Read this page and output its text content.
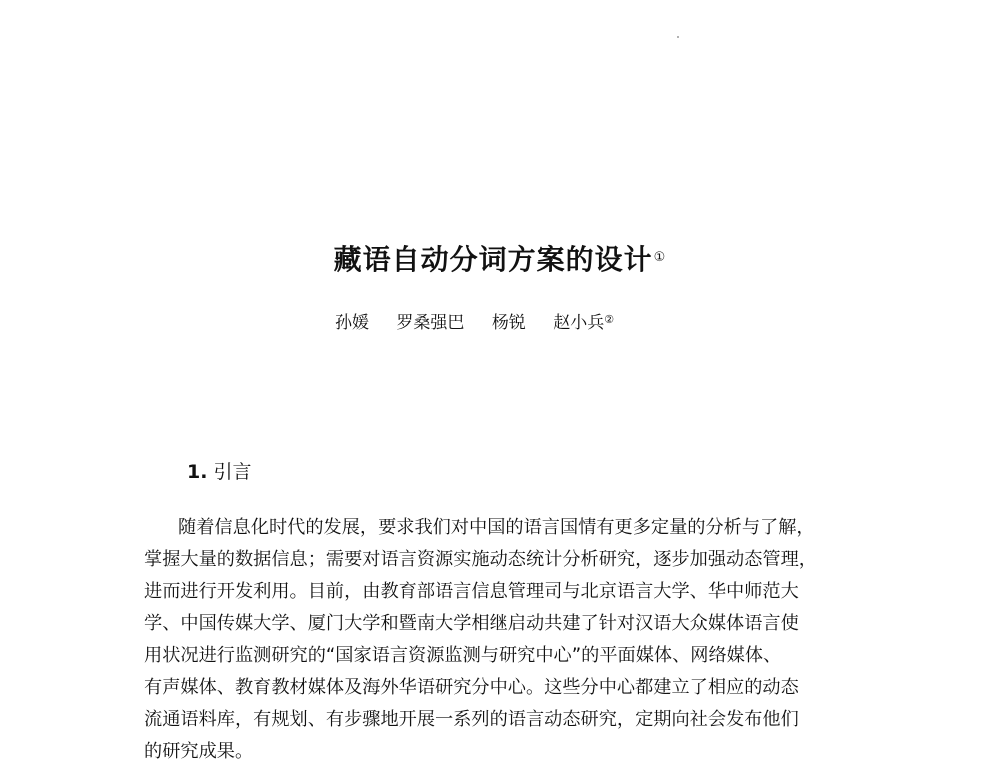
藏语自动分词方案的设计①
孙媛 罗桑强巴 杨锐 赵小兵②
1. 引言
随着信息化时代的发展，要求我们对中国的语言国情有更多定量的分析与了解，
掌握大量的数据信息；需要对语言资源实施动态统计分析研究，逐步加强动态管理，
进而进行开发利用。目前，由教育部语言信息管理司与北京语言大学、华中师范大
学、中国传媒大学、厦门大学和暨南大学相继启动共建了针对汉语大众媒体语言使
用状况进行监测研究的“国家语言资源监测与研究中心”的平面媒体、网络媒体、
有声媒体、教育教材媒体及海外华语研究分中心。这些分中心都建立了相应的动态
流通语料库，有规划、有步骤地开展一系列的语言动态研究，定期向社会发布他们
的研究成果。
